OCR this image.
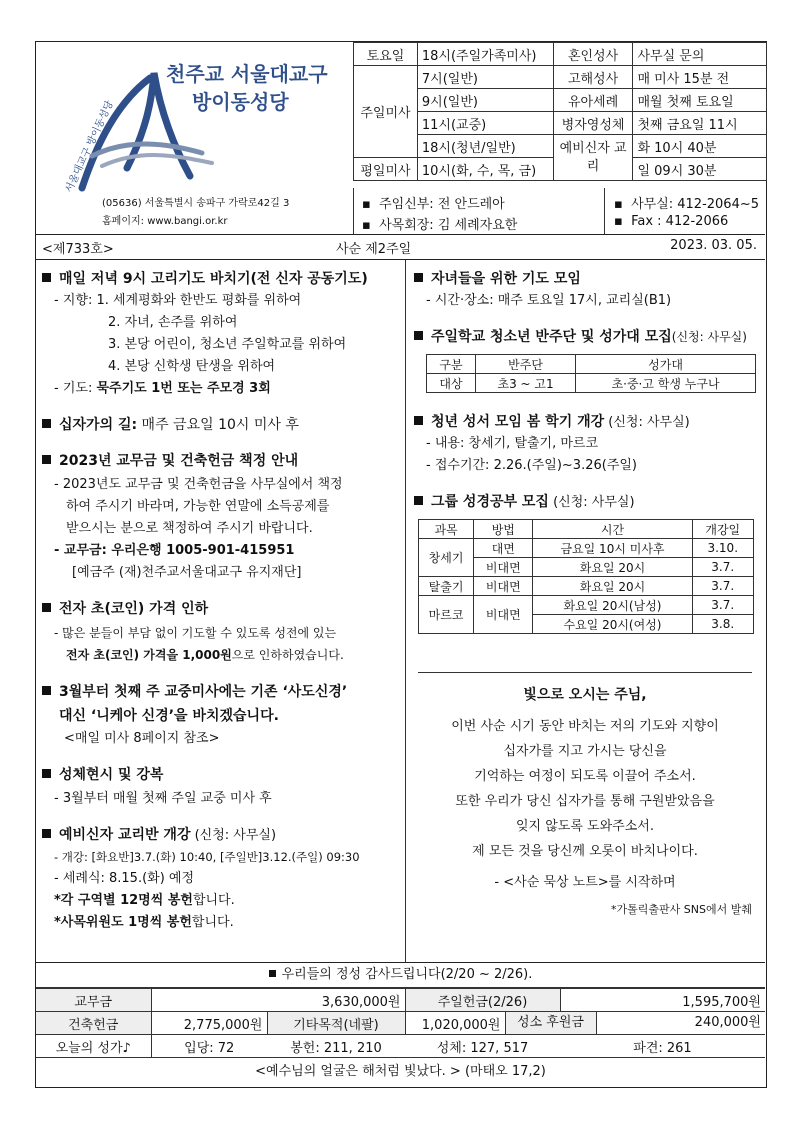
서울대교구 방이동성당
천주교 서울대교구
방이동성당
(05636) 서울특별시 송파구 가락로42길 3
홈페이지: www.bangi.or.kr
토요일	18시(주일가족미사)	혼인성사	사무실 문의
주일미사	7시(일반)	고해성사	매 미사 15분 전
	9시(일반)	유아세례	매월 첫째 토요일
	11시(교중)	병자영성체	첫째 금요일 11시
	18시(청년/일반)	예비신자 교리	화 10시 40분
평일미사	10시(화, 수, 목, 금)		일 09시 30분
▪  주임신부: 전 안드레아
▪  사목회장: 김 세례자요한
▪  사무실: 412-2064~5
▪  Fax : 412-2066
<제733호>	사순 제2주일	2023. 03. 05.
매일 저녁 9시 고리기도 바치기(전 신자 공동기도)
- 지향: 1. 세계평화와 한반도 평화를 위하여
2. 자녀, 손주를 위하여
3. 본당 어린이, 청소년 주일학교를 위하여
4. 본당 신학생 탄생을 위하여
- 기도: 묵주기도 1번 또는 주모경 3회
십자가의 길: 매주 금요일 10시 미사 후
2023년 교무금 및 건축헌금 책정 안내
- 2023년도 교무금 및 건축헌금을 사무실에서 책정
하여 주시기 바라며, 가능한 연말에 소득공제를
받으시는 분으로 책정하여 주시기 바랍니다.
- 교무금: 우리은행 1005-901-415951
[예금주 (재)천주교서울대교구 유지재단]
전자 초(코인) 가격 인하
- 많은 분들이 부담 없이 기도할 수 있도록 성전에 있는
전자 초(코인) 가격을 1,000원으로 인하하였습니다.
3월부터 첫째 주 교중미사에는 기존 ‘사도신경’
대신 ‘니케아 신경’을 바치겠습니다.
<매일 미사 8페이지 참조>
성체현시 및 강복
- 3월부터 매월 첫째 주일 교중 미사 후
예비신자 교리반 개강 (신청: 사무실)
- 개강: [화요반]3.7.(화) 10:40, [주일반]3.12.(주일) 09:30
- 세례식: 8.15.(화) 예정
*각 구역별 12명씩 봉헌합니다.
*사목위원도 1명씩 봉헌합니다.
자녀들을 위한 기도 모임
- 시간·장소: 매주 토요일 17시, 교리실(B1)
주일학교 청소년 반주단 및 성가대 모집(신청: 사무실)
구분	반주단	성가대
대상	초3 ~ 고1	초·중·고 학생 누구나
청년 성서 모임 봄 학기 개강 (신청: 사무실)
- 내용: 창세기, 탈출기, 마르코
- 접수기간: 2.26.(주일)~3.26(주일)
그룹 성경공부 모집 (신청: 사무실)
과목	방법	시간	개강일
창세기	대면	금요일 10시 미사후	3.10.
	비대면	화요일 20시	3.7.
탈출기	비대면	화요일 20시	3.7.
마르코	비대면	화요일 20시(남성)	3.7.
		수요일 20시(여성)	3.8.
빛으로 오시는 주님,
이번 사순 시기 동안 바치는 저의 기도와 지향이
십자가를 지고 가시는 당신을
기억하는 여정이 되도록 이끌어 주소서.
또한 우리가 당신 십자가를 통해 구원받았음을
잊지 않도록 도와주소서.
제 모든 것을 당신께 오롯이 바치나이다.
- <사순 묵상 노트>를 시작하며
*가톨릭출판사 SNS에서 발췌
우리들의 정성 감사드립니다(2/20 ~ 2/26).
교무금	3,630,000원		주일헌금(2/26)		1,595,700원
건축헌금	2,775,000원	기타목적(네팔)	1,020,000원	성소 후원금 240,000원	

오늘의 성가♪	입당: 72	봉헌: 211, 210	성체: 127, 517		파견: 261
<예수님의 얼굴은 해처럼 빛났다. > (마태오 17,2)					
